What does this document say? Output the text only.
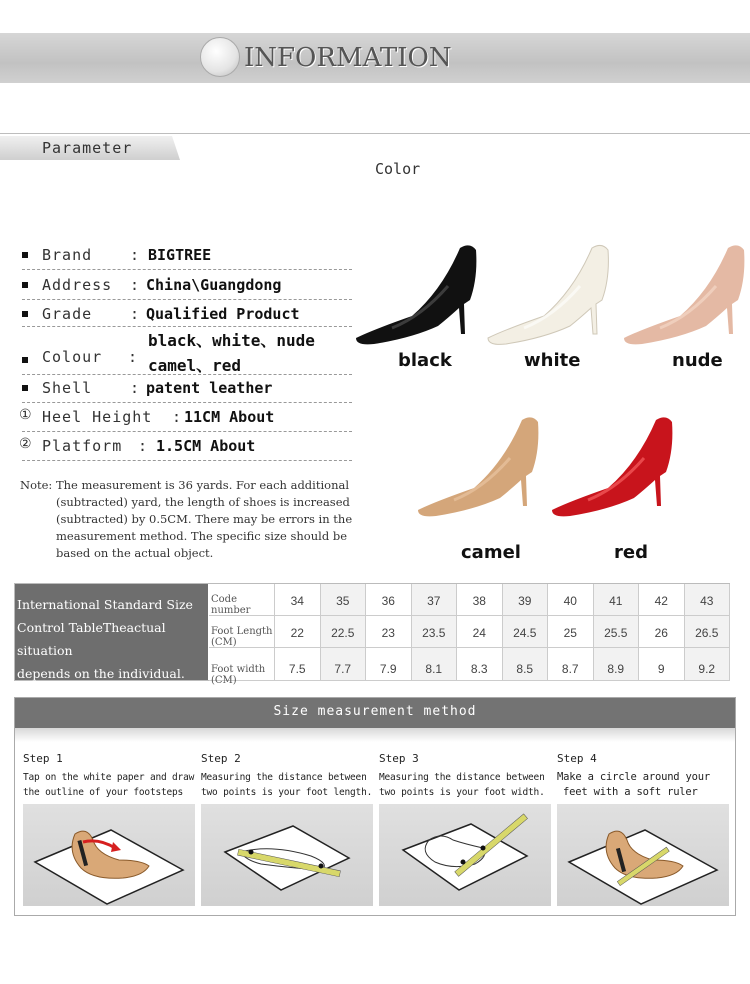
INFORMATION
Parameter
Color
Brand	: BIGTREE
Address : China\Guangdong
Grade	: Qualified Product
Colour :
black、white、nude
camel、red
Shell	: patent leather
① Heel Height : 11CM About
② Platform : 1.5CM About
Note: The measurement is 36 yards. For each additional
(subtracted) yard, the length of shoes is increased
(subtracted) by 0.5CM. There may be errors in the
measurement method. The specific size should be
based on the actual object.
black	white	nude
camel	red
International Standard Size
Control TableTheactual situation
depends on the individual.
Code number
34	35	36	37	38	39	40	41	42	43
Foot Length (CM)
22	22.5	23	23.5	24	24.5	25	25.5	26	26.5
Foot width (CM)
7.5	7.7	7.9	8.1	8.3	8.5	8.7	8.9	9	9.2
Size measurement method
Step 1
Tap on the white paper and draw
the outline of your footsteps
Step 2
Measuring the distance between
two points is your foot length.
Step 3
Measuring the distance between
two points is your foot width.
Step 4
Make a circle around your
feet with a soft ruler
